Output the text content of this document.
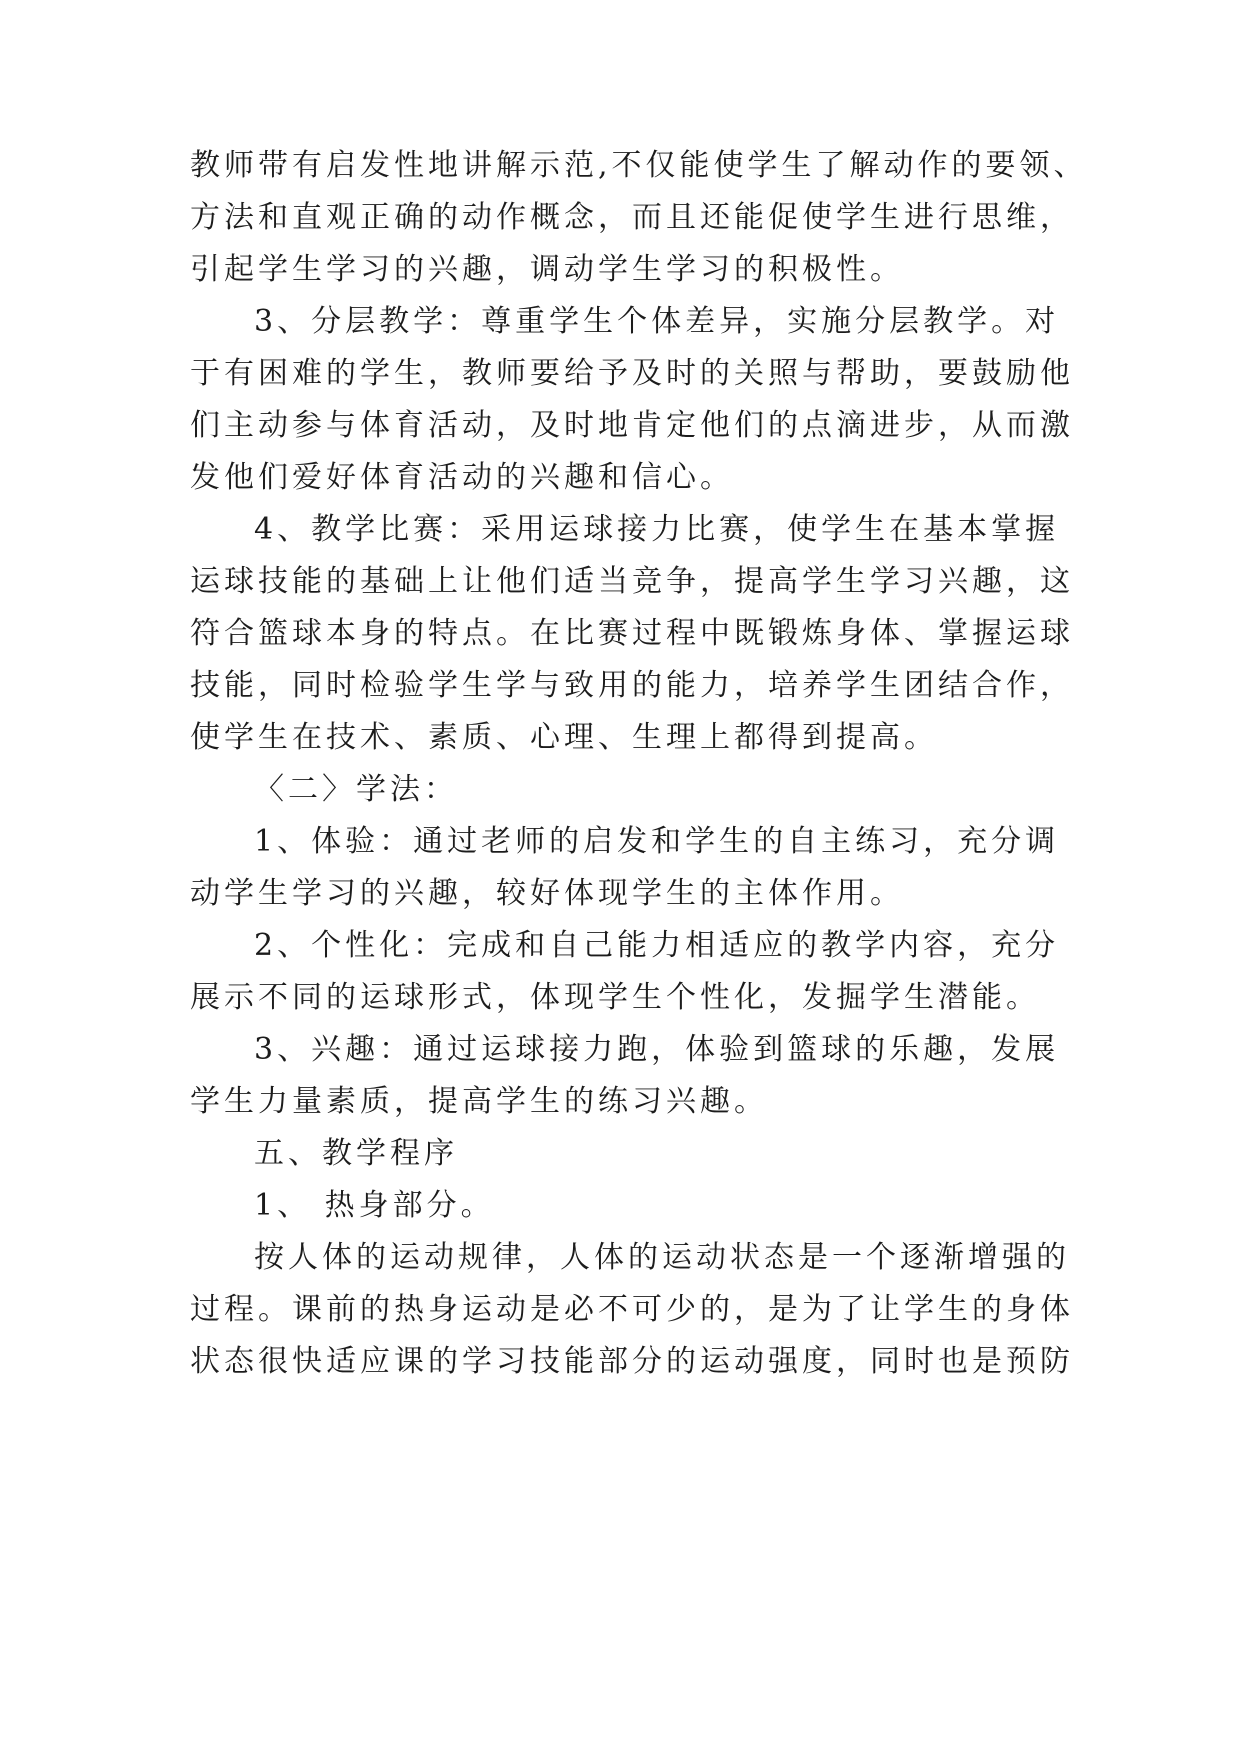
教师带有启发性地讲解示范,不仅能使学生了解动作的要领、

方法和直观正确的动作概念，而且还能促使学生进行思维，

引起学生学习的兴趣，调动学生学习的积极性。

3、分层教学：尊重学生个体差异，实施分层教学。对

于有困难的学生，教师要给予及时的关照与帮助，要鼓励他

们主动参与体育活动，及时地肯定他们的点滴进步，从而激

发他们爱好体育活动的兴趣和信心。

4、教学比赛：采用运球接力比赛，使学生在基本掌握

运球技能的基础上让他们适当竞争，提高学生学习兴趣，这

符合篮球本身的特点。在比赛过程中既锻炼身体、掌握运球

技能，同时检验学生学与致用的能力，培养学生团结合作，

使学生在技术、素质、心理、生理上都得到提高。

〈二〉学法：

1、体验：通过老师的启发和学生的自主练习，充分调

动学生学习的兴趣，较好体现学生的主体作用。

2、个性化：完成和自己能力相适应的教学内容，充分

展示不同的运球形式，体现学生个性化，发掘学生潜能。

3、兴趣：通过运球接力跑，体验到篮球的乐趣，发展

学生力量素质，提高学生的练习兴趣。

五、教学程序

1、 热身部分。

按人体的运动规律，人体的运动状态是一个逐渐增强的

过程。课前的热身运动是必不可少的，是为了让学生的身体

状态很快适应课的学习技能部分的运动强度，同时也是预防
